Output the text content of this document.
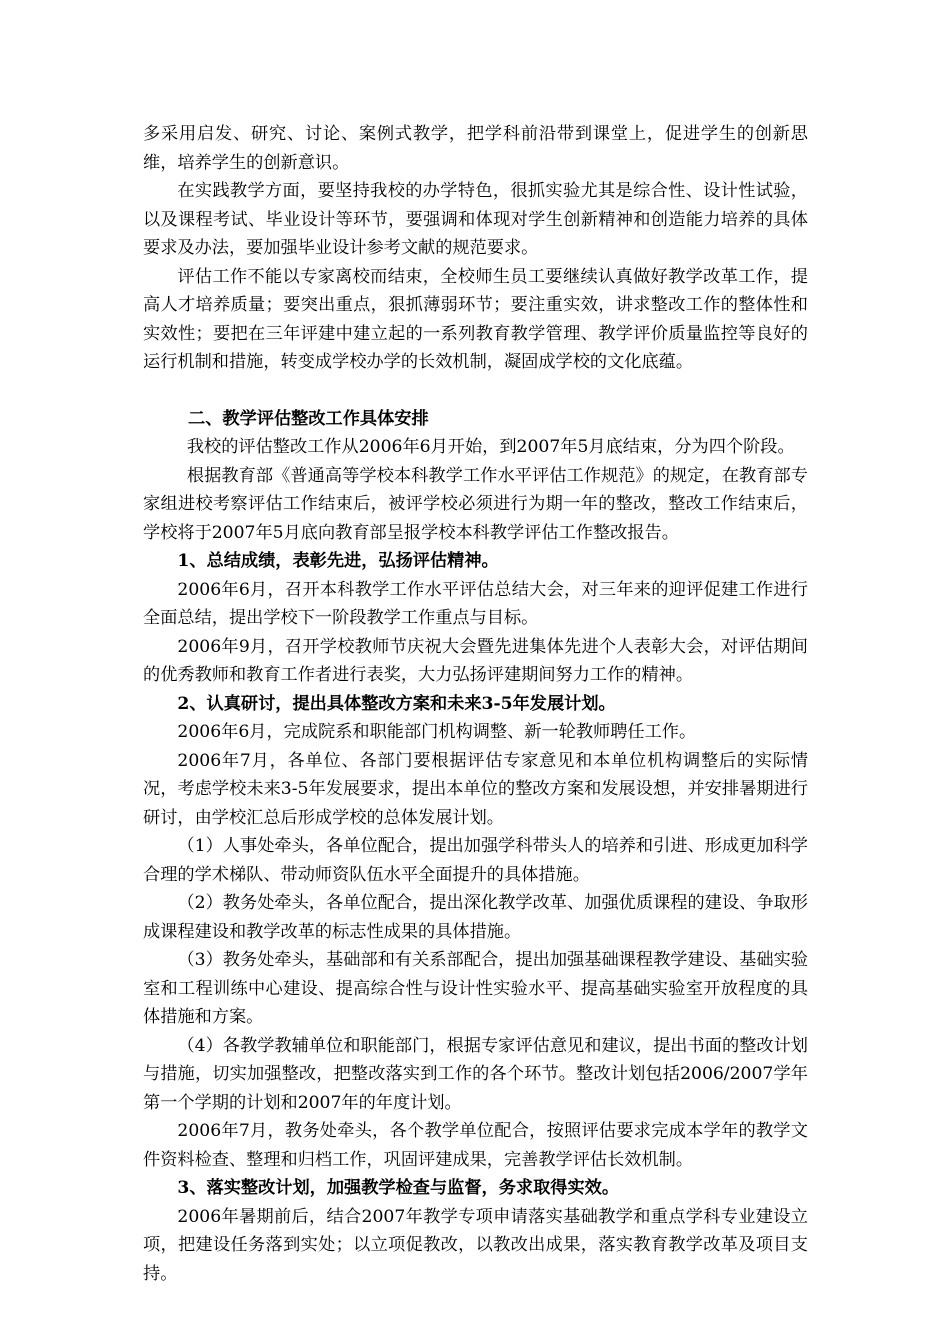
多采用启发、研究、讨论、案例式教学，把学科前沿带到课堂上，促进学生的创新思维，培养学生的创新意识。

在实践教学方面，要坚持我校的办学特色，很抓实验尤其是综合性、设计性试验，以及课程考试、毕业设计等环节，要强调和体现对学生创新精神和创造能力培养的具体要求及办法，要加强毕业设计参考文献的规范要求。

评估工作不能以专家离校而结束，全校师生员工要继续认真做好教学改革工作，提高人才培养质量；要突出重点，狠抓薄弱环节；要注重实效，讲求整改工作的整体性和实效性；要把在三年评建中建立起的一系列教育教学管理、教学评价质量监控等良好的运行机制和措施，转变成学校办学的长效机制，凝固成学校的文化底蕴。

二、教学评估整改工作具体安排

我校的评估整改工作从2006年6月开始，到2007年5月底结束，分为四个阶段。

根据教育部《普通高等学校本科教学工作水平评估工作规范》的规定，在教育部专家组进校考察评估工作结束后，被评学校必须进行为期一年的整改，整改工作结束后，学校将于2007年5月底向教育部呈报学校本科教学评估工作整改报告。

1、总结成绩，表彰先进，弘扬评估精神。

2006年6月，召开本科教学工作水平评估总结大会，对三年来的迎评促建工作进行全面总结，提出学校下一阶段教学工作重点与目标。

2006年9月，召开学校教师节庆祝大会暨先进集体先进个人表彰大会，对评估期间的优秀教师和教育工作者进行表奖，大力弘扬评建期间努力工作的精神。

2、认真研讨，提出具体整改方案和未来3-5年发展计划。

2006年6月，完成院系和职能部门机构调整、新一轮教师聘任工作。

2006年7月，各单位、各部门要根据评估专家意见和本单位机构调整后的实际情况，考虑学校未来3-5年发展要求，提出本单位的整改方案和发展设想，并安排暑期进行研讨，由学校汇总后形成学校的总体发展计划。

（1）人事处牵头，各单位配合，提出加强学科带头人的培养和引进、形成更加科学合理的学术梯队、带动师资队伍水平全面提升的具体措施。

（2）教务处牵头，各单位配合，提出深化教学改革、加强优质课程的建设、争取形成课程建设和教学改革的标志性成果的具体措施。

（3）教务处牵头，基础部和有关系部配合，提出加强基础课程教学建设、基础实验室和工程训练中心建设、提高综合性与设计性实验水平、提高基础实验室开放程度的具体措施和方案。

（4）各教学教辅单位和职能部门，根据专家评估意见和建议，提出书面的整改计划与措施，切实加强整改，把整改落实到工作的各个环节。整改计划包括2006/2007学年第一个学期的计划和2007年的年度计划。

2006年7月，教务处牵头，各个教学单位配合，按照评估要求完成本学年的教学文件资料检查、整理和归档工作，巩固评建成果，完善教学评估长效机制。

3、落实整改计划，加强教学检查与监督，务求取得实效。

2006年暑期前后，结合2007年教学专项申请落实基础教学和重点学科专业建设立项，把建设任务落到实处；以立项促教改，以教改出成果，落实教育教学改革及项目支持。
